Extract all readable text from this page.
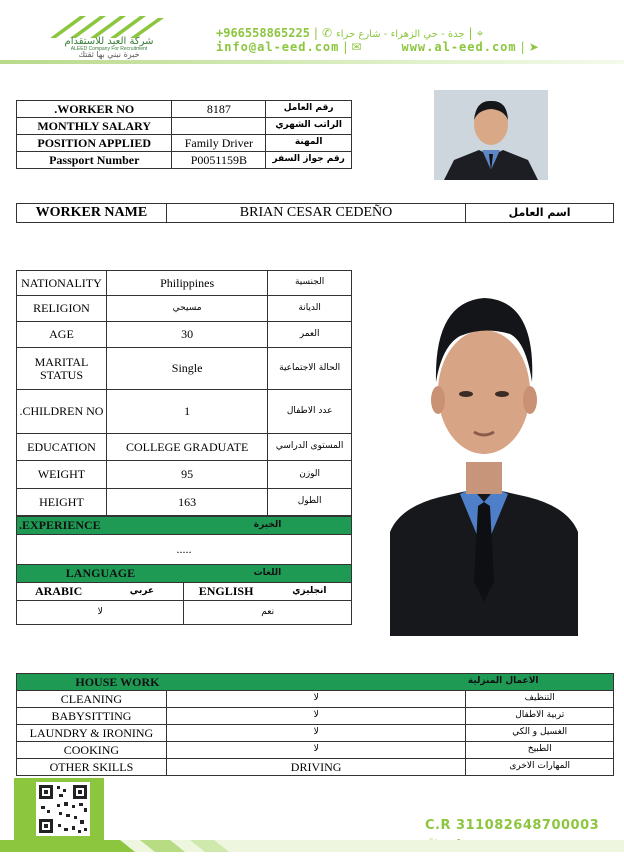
شركة العيد للاستقدام
ALEED Company For Recruitment
خبرة نبني بها ثقتك
+966558865225 | ✆ جدة - حي الزهراء - شارع حراء | ⌖
info@al-eed.com | ✉	www.al-eed.com | ➤
.WORKER NO	8187	رقم العامل
MONTHLY SALARY		الراتب الشهري
POSITION APPLIED	Family Driver	المهنة
Passport Number	P0051159B	رقم جواز السفر
WORKER NAME	BRIAN CESAR CEDEÑO	اسم العامل
NATIONALITY	Philippines	الجنسية
RELIGION	مسيحي	الديانة
AGE	30	العمر
MARITAL STATUS	Single	الحالة الاجتماعية
.CHILDREN NO	1	عدد الاطفال
EDUCATION	COLLEGE GRADUATE	المستوى الدراسي
WEIGHT	95	الوزن
HEIGHT	163	الطول
.EXPERIENCE	الخبرة
.....
LANGUAGE		اللغات	
ARABIC	عربي	ENGLISH	انجليزي
لا		نعم	
HOUSE WORK		الاعمال المنزلية
CLEANING	لا	التنظيف
BABYSITTING	لا	تربية الاطفال
LAUNDRY & IRONING	لا	الغسيل و الكي
COOKING	لا	الطبيخ
OTHER SKILLS	DRIVING	المهارات الاخرى
C.R 311082648700003
